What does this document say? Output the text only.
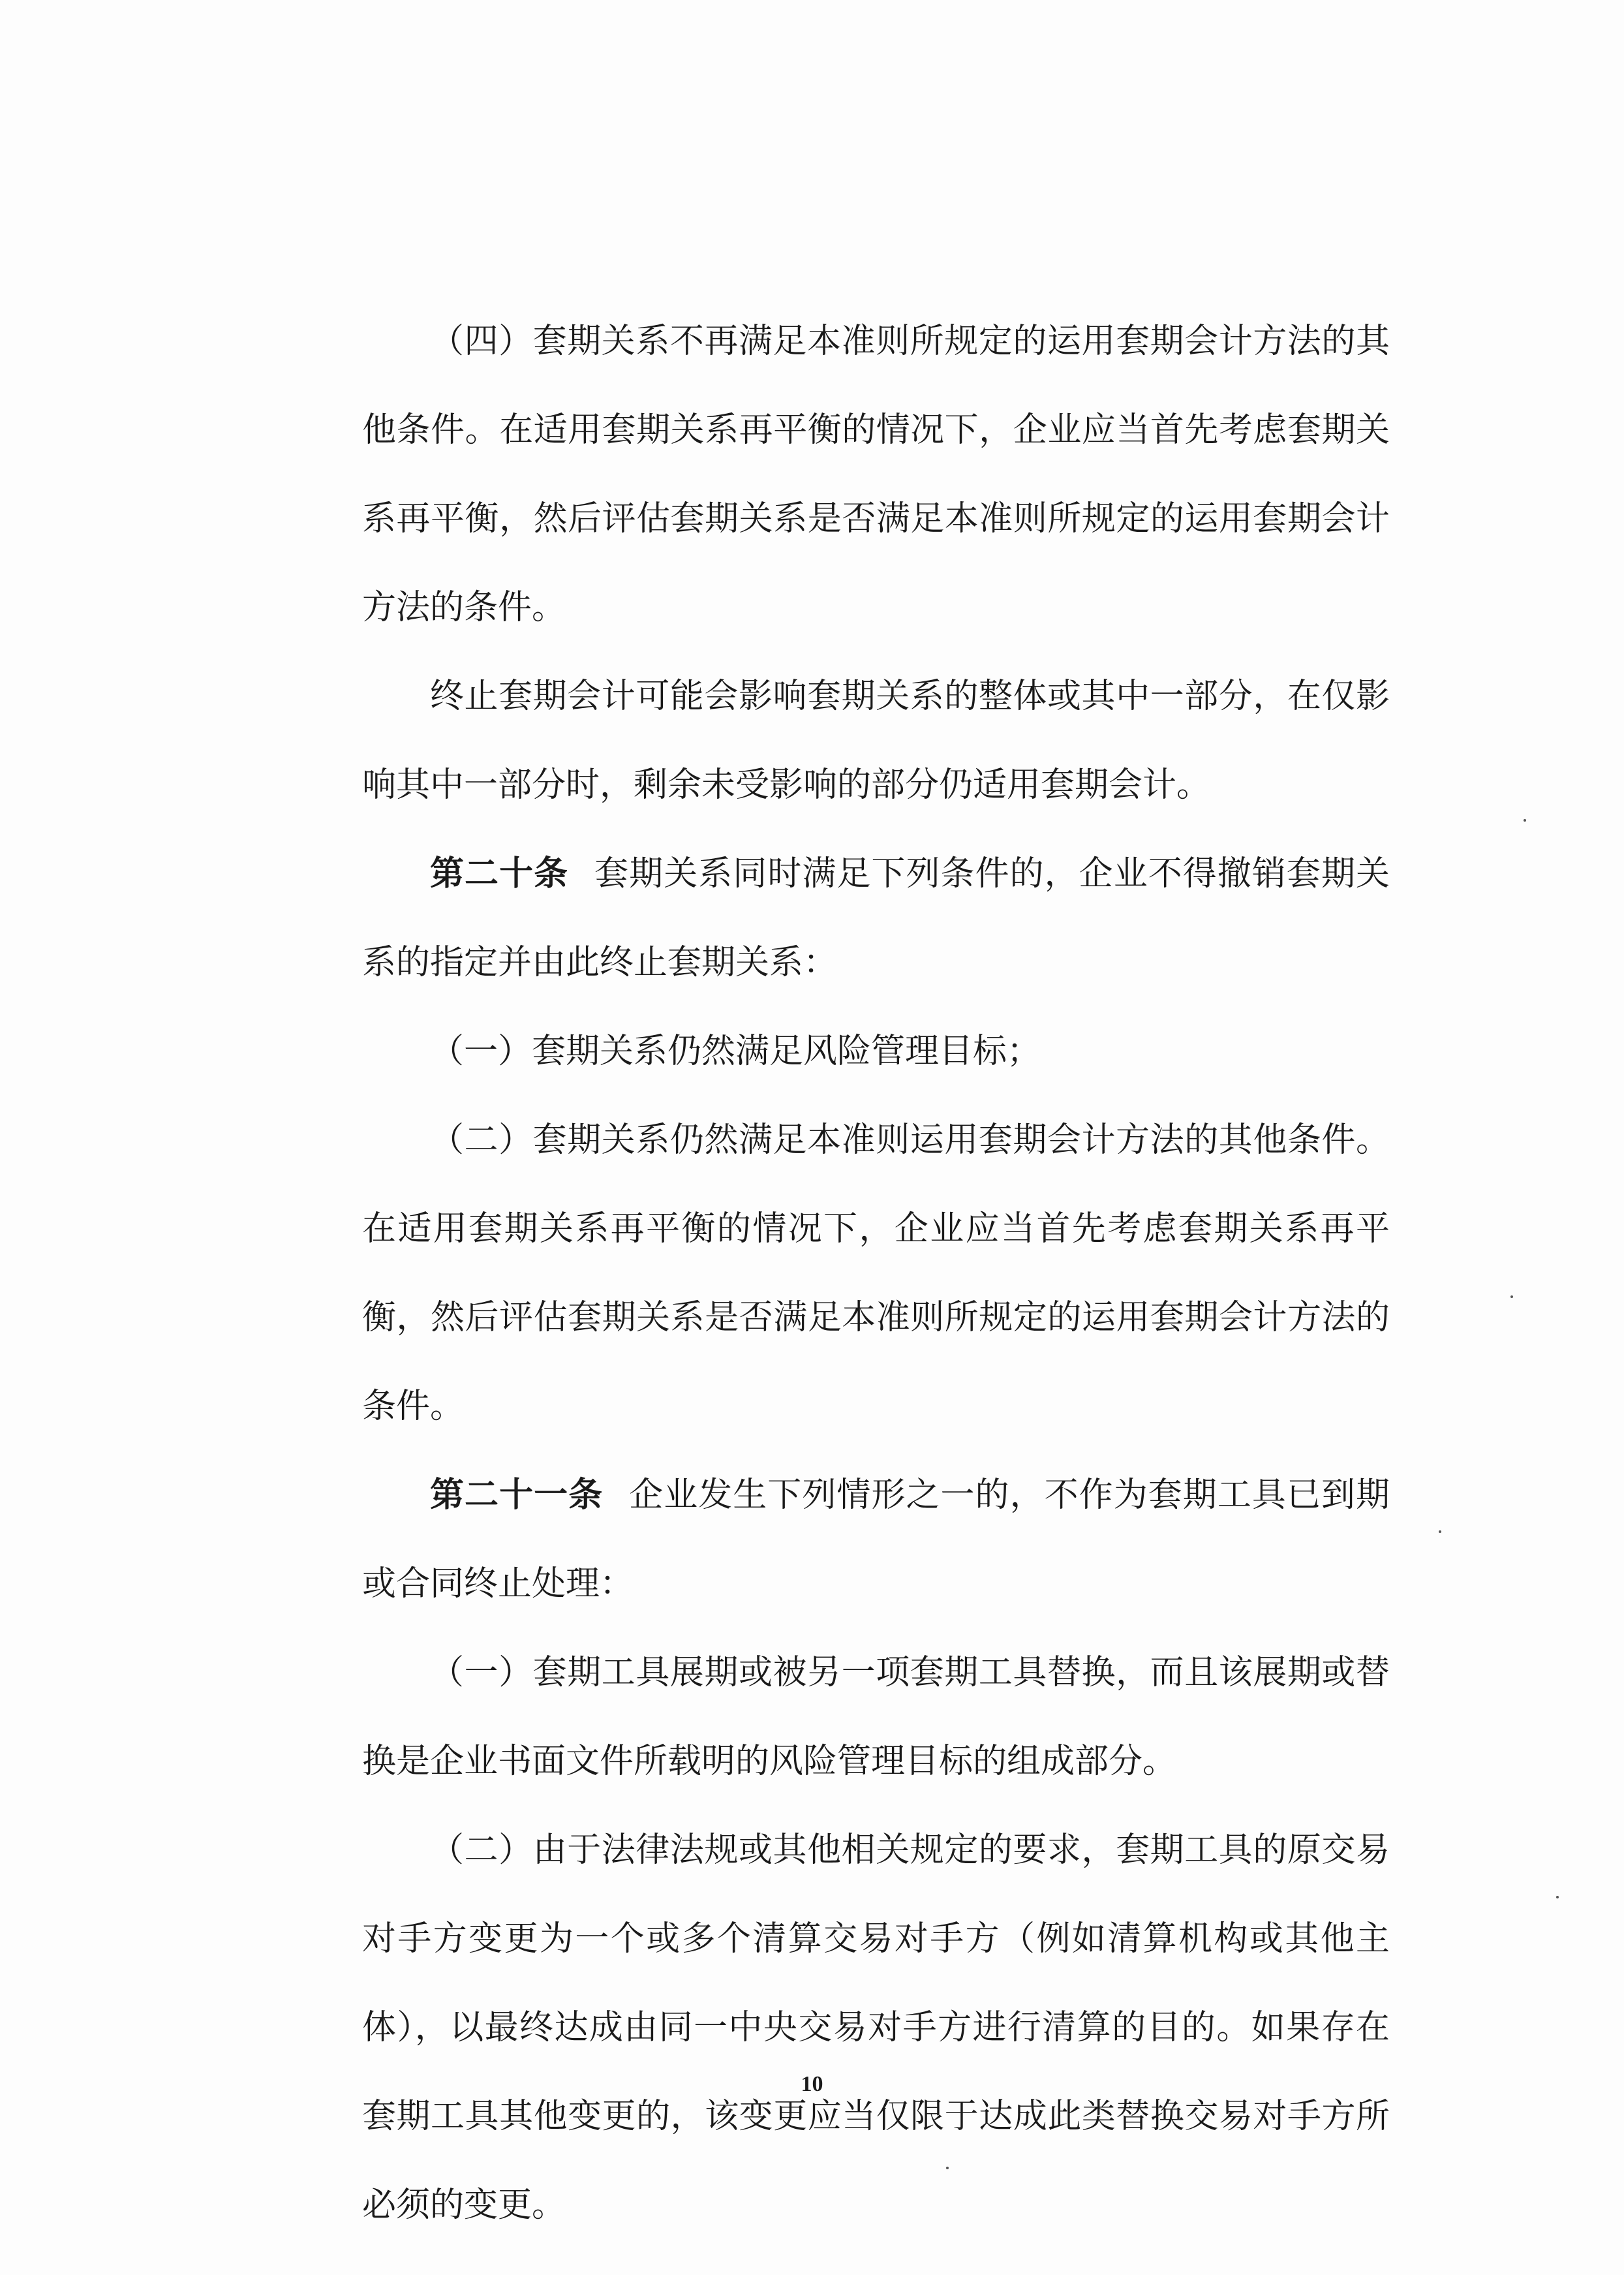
（四）套期关系不再满足本准则所规定的运用套期会计方法的其他条件。在适用套期关系再平衡的情况下，企业应当首先考虑套期关系再平衡，然后评估套期关系是否满足本准则所规定的运用套期会计方法的条件。

终止套期会计可能会影响套期关系的整体或其中一部分，在仅影响其中一部分时，剩余未受影响的部分仍适用套期会计。

第二十条 套期关系同时满足下列条件的，企业不得撤销套期关系的指定并由此终止套期关系：

（一）套期关系仍然满足风险管理目标；

（二）套期关系仍然满足本准则运用套期会计方法的其他条件。在适用套期关系再平衡的情况下，企业应当首先考虑套期关系再平衡，然后评估套期关系是否满足本准则所规定的运用套期会计方法的条件。

第二十一条 企业发生下列情形之一的，不作为套期工具已到期或合同终止处理：

（一）套期工具展期或被另一项套期工具替换，而且该展期或替换是企业书面文件所载明的风险管理目标的组成部分。

（二）由于法律法规或其他相关规定的要求，套期工具的原交易对手方变更为一个或多个清算交易对手方（例如清算机构或其他主体），以最终达成由同一中央交易对手方进行清算的目的。如果存在套期工具其他变更的，该变更应当仅限于达成此类替换交易对手方所必须的变更。

10
